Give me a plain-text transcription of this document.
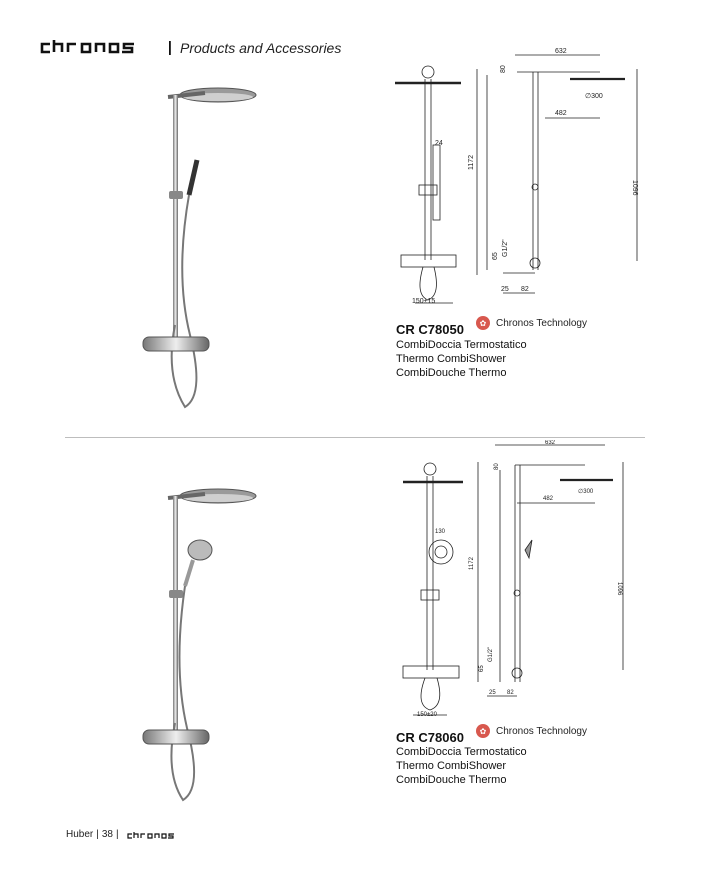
Products and Accessories	632
80
∅300
482
24
1172
1096
G1/2"
65
25 82
150±15
✿ Chronos Technology
CR C78050
CombiDoccia Termostatico
Thermo CombiShower
CombiDouche Thermo
632
80
∅300
482
130
1172
1096
G1/2"
65
25 82
150±20
✿ Chronos Technology
CR C78060
CombiDoccia Termostatico
Thermo CombiShower
CombiDouche Thermo
Huber | 38 |
